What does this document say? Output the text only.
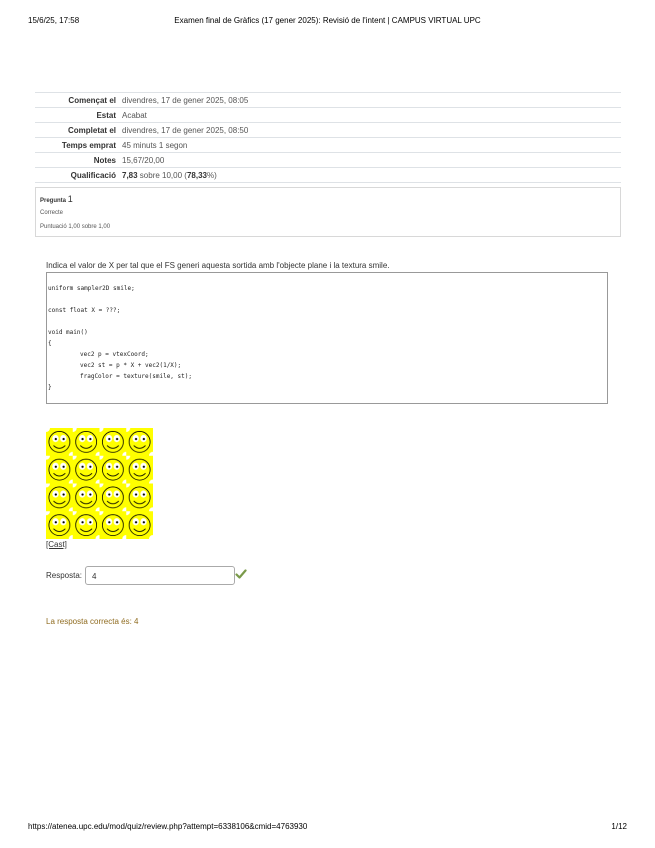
15/6/25, 17:58	Examen final de Gràfics (17 gener 2025): Revisió de l'intent | CAMPUS VIRTUAL UPC
Començat el	divendres, 17 de gener 2025, 08:05
Estat	Acabat
Completat el	divendres, 17 de gener 2025, 08:50
Temps emprat	45 minuts 1 segon
Notes	15,67/20,00
Qualificació	7,83 sobre 10,00 (78,33%)
Pregunta 1
Correcte
Puntuació 1,00 sobre 1,00
Indica el valor de X per tal que el FS generi aquesta sortida amb l'objecte plane i la textura smile.
uniform sampler2D smile;
const float X = ???;
void main()
{
vec2 p = vtexCoord;
vec2 st = p * X + vec2(1/X);
fragColor = texture(smile, st);
}
[Cast]
Resposta:	4
La resposta correcta és: 4
https://atenea.upc.edu/mod/quiz/review.php?attempt=6338106&cmid=4763930	1/12
